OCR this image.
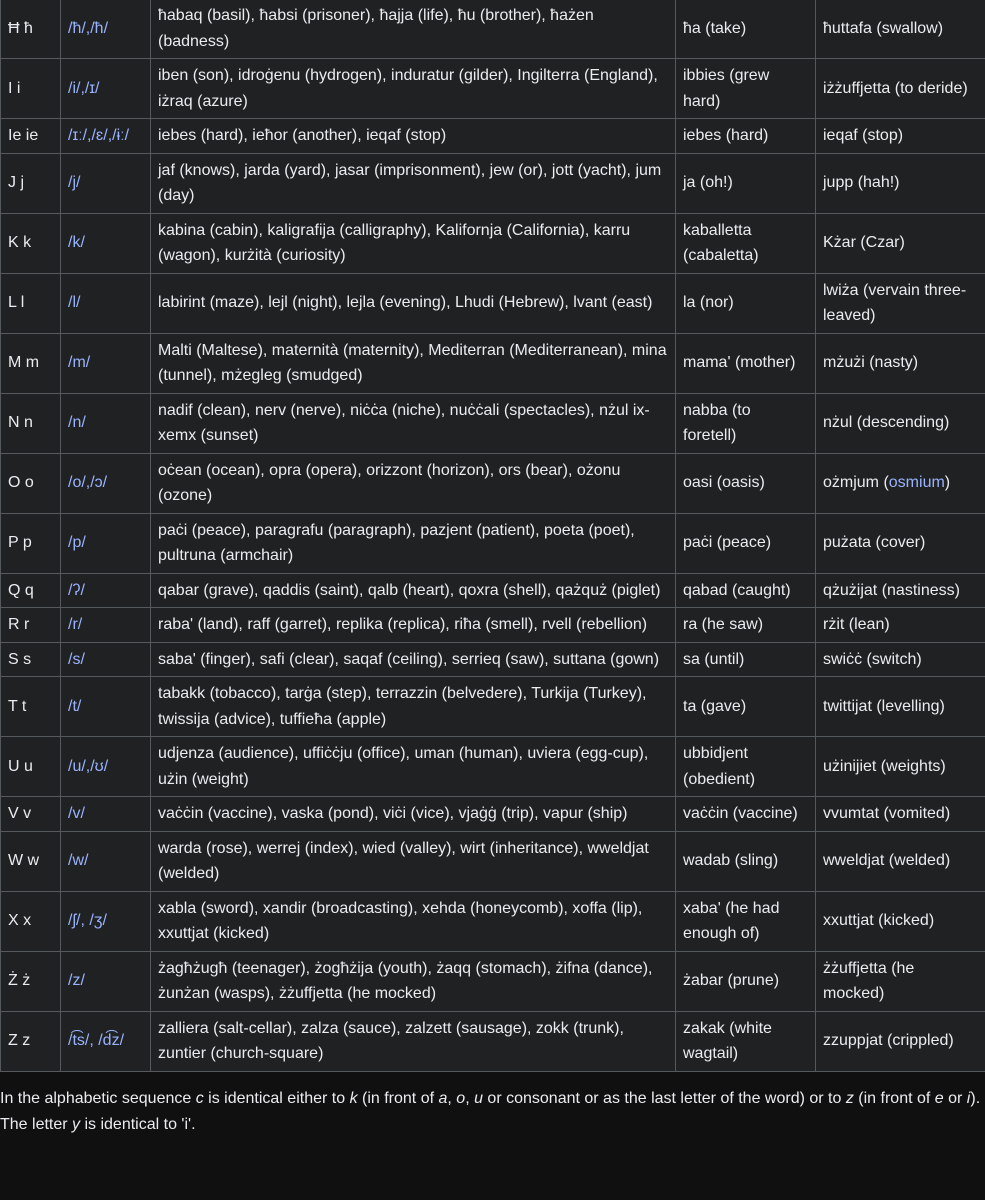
Ħ ħ	/ħ/,/ħ/	ħabaq (basil), ħabsi (prisoner), ħajja (life), ħu (brother), ħażen (badness)	ħa (take)	ħuttafa (swallow)
I i	/i/,/ɪ/	iben (son), idroġenu (hydrogen), induratur (gilder), Ingilterra (England), iżraq (azure)	ibbies (grew hard)	iżżuffjetta (to deride)
Ie ie	/ɪː/,/ɛ/,/ɨː/	iebes (hard), ieħor (another), ieqaf (stop)	iebes (hard)	ieqaf (stop)
J j	/j/	jaf (knows), jarda (yard), jasar (imprisonment), jew (or), jott (yacht), jum (day)	ja (oh!)	jupp (hah!)
K k	/k/	kabina (cabin), kaligrafija (calligraphy), Kalifornja (California), karru (wagon), kurżità (curiosity)	kaballetta (cabaletta)	Kżar (Czar)
L l	/l/	labirint (maze), lejl (night), lejla (evening), Lhudi (Hebrew), lvant (east)	la (nor)	lwiża (vervain three-leaved)
M m	/m/	Malti (Maltese), maternità (maternity), Mediterran (Mediterranean), mina (tunnel), mżegleg (smudged)	mama' (mother)	mżużi (nasty)
N n	/n/	nadif (clean), nerv (nerve), niċċa (niche), nuċċali (spectacles), nżul ix-xemx (sunset)	nabba (to foretell)	nżul (descending)
O o	/o/,/ɔ/	oċean (ocean), opra (opera), orizzont (horizon), ors (bear), ożonu (ozone)	oasi (oasis)	ożmjum (osmium)
P p	/p/	paċi (peace), paragrafu (paragraph), pazjent (patient), poeta (poet), pultruna (armchair)	paċi (peace)	pużata (cover)
Q q	/ʔ/	qabar (grave), qaddis (saint), qalb (heart), qoxra (shell), qażquż (piglet)	qabad (caught)	qżużijat (nastiness)
R r	/r/	raba' (land), raff (garret), replika (replica), riħa (smell), rvell (rebellion)	ra (he saw)	rżit (lean)
S s	/s/	saba' (finger), safi (clear), saqaf (ceiling), serrieq (saw), suttana (gown)	sa (until)	swiċċ (switch)
T t	/t/	tabakk (tobacco), tarġa (step), terrazzin (belvedere), Turkija (Turkey), twissija (advice), tuffieħa (apple)	ta (gave)	twittijat (levelling)
U u	/u/,/ʊ/	udjenza (audience), uffiċċju (office), uman (human), uviera (egg-cup), użin (weight)	ubbidjent (obedient)	użinijiet (weights)
V v	/v/	vaċċin (vaccine), vaska (pond), viċi (vice), vjaġġ (trip), vapur (ship)	vaċċin (vaccine)	vvumtat (vomited)
W w	/w/	warda (rose), werrej (index), wied (valley), wirt (inheritance), wweldjat (welded)	wadab (sling)	wweldjat (welded)
X x	/ʃ/, /ʒ/	xabla (sword), xandir (broadcasting), xehda (honeycomb), xoffa (lip), xxuttjat (kicked)	xaba' (he had enough of)	xxuttjat (kicked)
Ż ż	/z/	żagħżugħ (teenager), żogħżija (youth), żaqq (stomach), żifna (dance), żunżan (wasps), żżuffjetta (he mocked)	żabar (prune)	żżuffjetta (he mocked)
Z z	/t͡s/, /d͡z/	zalliera (salt-cellar), zalza (sauce), zalzett (sausage), zokk (trunk), zuntier (church-square)	zakak (white wagtail)	zzuppjat (crippled)
In the alphabetic sequence c is identical either to k (in front of a, o, u or consonant or as the last letter of the word) or to z (in front of e or i). The letter y is identical to 'i'.
